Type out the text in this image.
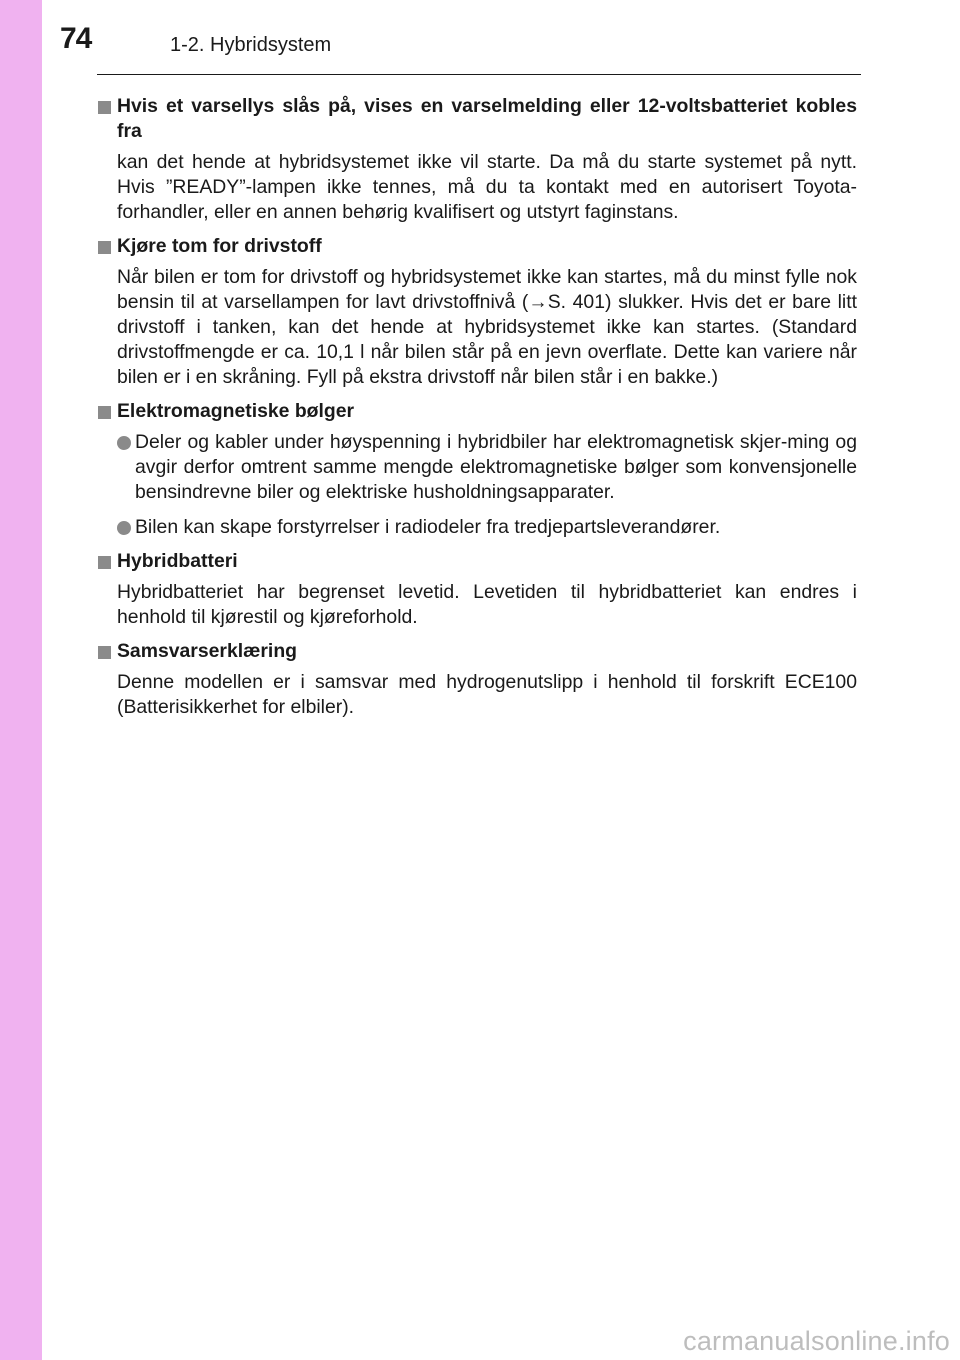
74	1-2. Hybridsystem
Hvis et varsellys slås på, vises en varselmelding eller 12-voltsbatteriet kobles fra
kan det hende at hybridsystemet ikke vil starte. Da må du starte systemet på nytt. Hvis ”READY”-lampen ikke tennes, må du ta kontakt med en autorisert Toyota-forhandler, eller en annen behørig kvalifisert og utstyrt faginstans.
Kjøre tom for drivstoff
Når bilen er tom for drivstoff og hybridsystemet ikke kan startes, må du minst fylle nok bensin til at varsellampen for lavt drivstoffnivå (→S. 401) slukker. Hvis det er bare litt drivstoff i tanken, kan det hende at hybridsystemet ikke kan startes. (Standard drivstoffmengde er ca. 10,1 l når bilen står på en jevn overflate. Dette kan variere når bilen er i en skråning. Fyll på ekstra drivstoff når bilen står i en bakke.)
Elektromagnetiske bølger
Deler og kabler under høyspenning i hybridbiler har elektromagnetisk skjer-ming og avgir derfor omtrent samme mengde elektromagnetiske bølger som konvensjonelle bensindrevne biler og elektriske husholdningsapparater.
Bilen kan skape forstyrrelser i radiodeler fra tredjepartsleverandører.
Hybridbatteri
Hybridbatteriet har begrenset levetid. Levetiden til hybridbatteriet kan endres i henhold til kjørestil og kjøreforhold.
Samsvarserklæring
Denne modellen er i samsvar med hydrogenutslipp i henhold til forskrift ECE100 (Batterisikkerhet for elbiler).
carmanualsonline.info
